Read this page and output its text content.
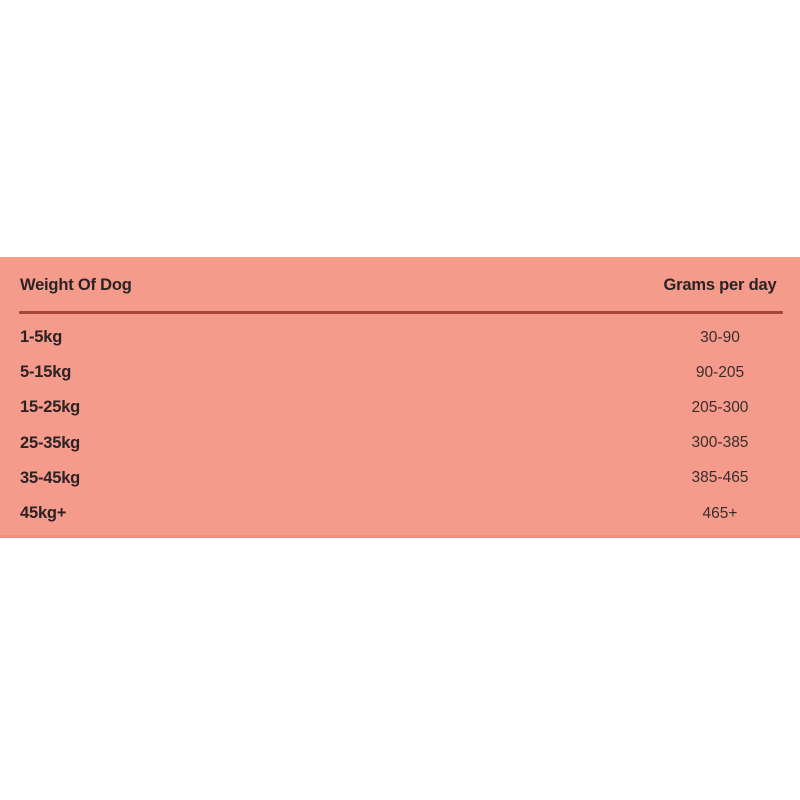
Weight Of Dog	Grams per day
1-5kg	30-90
5-15kg	90-205
15-25kg	205-300
25-35kg	300-385
35-45kg	385-465
45kg+	465+
